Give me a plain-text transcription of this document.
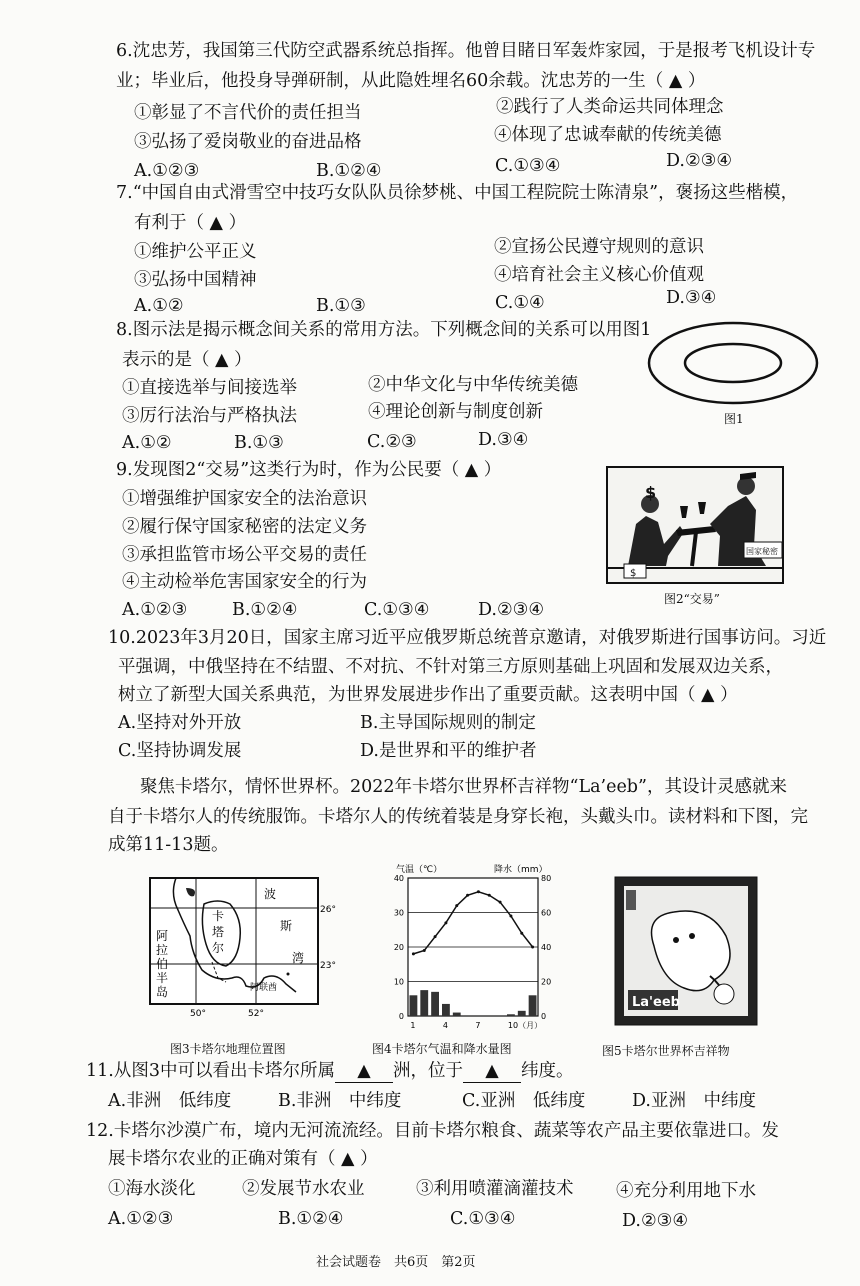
6.沈忠芳，我国第三代防空武器系统总指挥。他曾目睹日军轰炸家园，于是报考飞机设计专
业；毕业后，他投身导弹研制，从此隐姓埋名60余载。沈忠芳的一生（ ▲ ）
①彰显了不言代价的责任担当	②践行了人类命运共同体理念
③弘扬了爱岗敬业的奋进品格	④体现了忠诚奉献的传统美德
A.①②③	B.①②④	C.①③④	D.②③④
7.“中国自由式滑雪空中技巧女队队员徐梦桃、中国工程院院士陈清泉”，褒扬这些楷模，
有利于（ ▲ ）
①维护公平正义	②宣扬公民遵守规则的意识
③弘扬中国精神	④培育社会主义核心价值观
A.①②	B.①③	C.①④	D.③④
8.图示法是揭示概念间关系的常用方法。下列概念间的关系可以用图1
表示的是（ ▲ ）
①直接选举与间接选举	②中华文化与中华传统美德
③厉行法治与严格执法	④理论创新与制度创新
A.①②	B.①③	C.②③	D.③④
图1
9.发现图2“交易”这类行为时，作为公民要（ ▲ ）
①增强维护国家安全的法治意识
②履行保守国家秘密的法定义务
③承担监管市场公平交易的责任
④主动检举危害国家安全的行为
A.①②③	B.①②④	C.①③④	D.②③④
$
$
国家秘密
图2“交易”
10.2023年3月20日，国家主席习近平应俄罗斯总统普京邀请，对俄罗斯进行国事访问。习近
平强调，中俄坚持在不结盟、不对抗、不针对第三方原则基础上巩固和发展双边关系，
树立了新型大国关系典范，为世界发展进步作出了重要贡献。这表明中国（ ▲ ）
A.坚持对外开放	B.主导国际规则的制定
C.坚持协调发展	D.是世界和平的维护者
聚焦卡塔尔，情怀世界杯。2022年卡塔尔世界杯吉祥物“La’eeb”，其设计灵感就来
自于卡塔尔人的传统服饰。卡塔尔人的传统着装是身穿长袍，头戴头巾。读材料和下图，完
成第11-13题。
阿
拉
伯
半
岛
卡
塔
尔
波
斯
湾
阿联酋
26°
23°
50°	52°
图3卡塔尔地理位置图
气温（℃）	降水（mm）
40
30
20
10
0
80
60
40
20
0
1	4	7	10（月）
图4卡塔尔气温和降水量图
La'eeb
图5卡塔尔世界杯吉祥物
11.从图3中可以看出卡塔尔所属 ▲ 洲，位于 ▲ 纬度。
A.非洲　低纬度	B.非洲　中纬度	C.亚洲　低纬度	D.亚洲　中纬度
12.卡塔尔沙漠广布，境内无河流流经。目前卡塔尔粮食、蔬菜等农产品主要依靠进口。发
展卡塔尔农业的正确对策有（ ▲ ）
①海水淡化	②发展节水农业	③利用喷灌滴灌技术 ④充分利用地下水
A.①②③	B.①②④	C.①③④	D.②③④
社会试题卷　共6页　第2页
